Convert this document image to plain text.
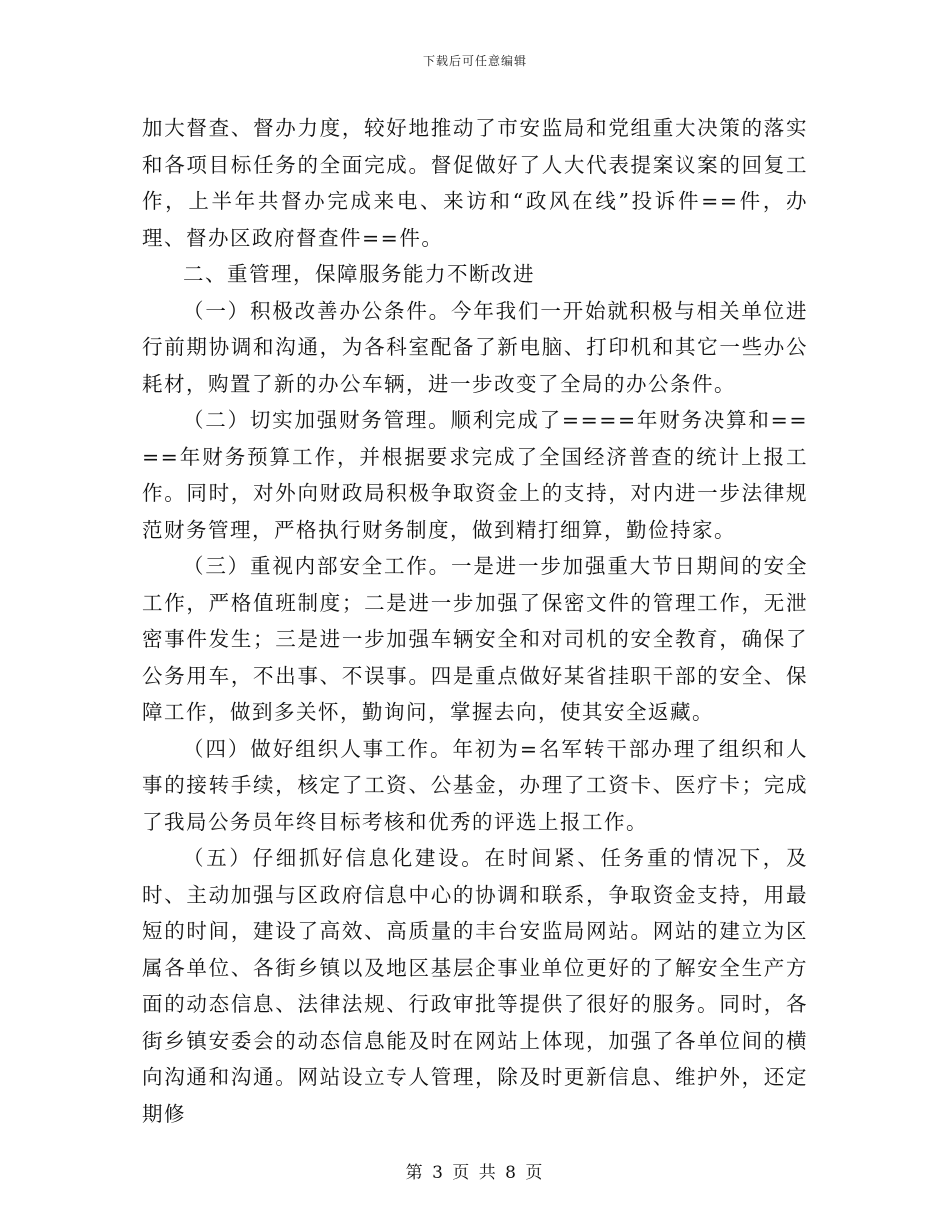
下载后可任意编辑

加大督查、督办力度，较好地推动了市安监局和党组重大决策的落实和各项目标任务的全面完成。督促做好了人大代表提案议案的回复工作，上半年共督办完成来电、来访和“政风在线”投诉件==件，办理、督办区政府督查件==件。

二、重管理，保障服务能力不断改进

（一）积极改善办公条件。今年我们一开始就积极与相关单位进行前期协调和沟通，为各科室配备了新电脑、打印机和其它一些办公耗材，购置了新的办公车辆，进一步改变了全局的办公条件。

（二）切实加强财务管理。顺利完成了====年财务决算和====年财务预算工作，并根据要求完成了全国经济普查的统计上报工作。同时，对外向财政局积极争取资金上的支持，对内进一步法律规范财务管理，严格执行财务制度，做到精打细算，勤俭持家。

（三）重视内部安全工作。一是进一步加强重大节日期间的安全工作，严格值班制度；二是进一步加强了保密文件的管理工作，无泄密事件发生；三是进一步加强车辆安全和对司机的安全教育，确保了公务用车，不出事、不误事。四是重点做好某省挂职干部的安全、保障工作，做到多关怀，勤询问，掌握去向，使其安全返藏。

（四）做好组织人事工作。年初为=名军转干部办理了组织和人事的接转手续，核定了工资、公基金，办理了工资卡、医疗卡；完成了我局公务员年终目标考核和优秀的评选上报工作。

（五）仔细抓好信息化建设。在时间紧、任务重的情况下，及时、主动加强与区政府信息中心的协调和联系，争取资金支持，用最短的时间，建设了高效、高质量的丰台安监局网站。网站的建立为区属各单位、各街乡镇以及地区基层企事业单位更好的了解安全生产方面的动态信息、法律法规、行政审批等提供了很好的服务。同时，各街乡镇安委会的动态信息能及时在网站上体现，加强了各单位间的横向沟通和沟通。网站设立专人管理，除及时更新信息、维护外，还定期修

第 3 页 共 8 页
